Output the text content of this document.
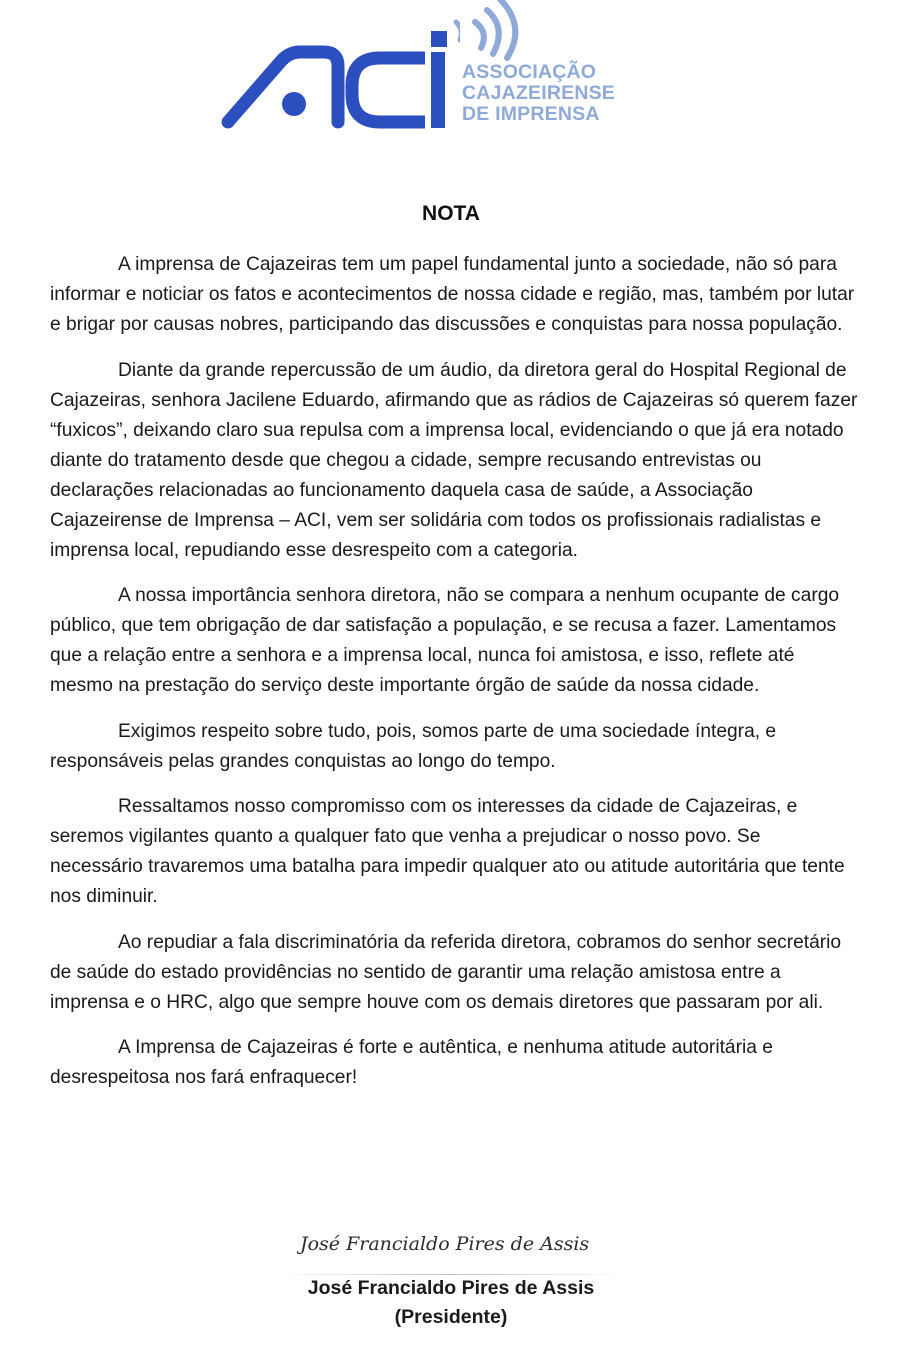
ASSOCIAÇÃO
CAJAZEIRENSE
DE IMPRENSA
NOTA

A imprensa de Cajazeiras tem um papel fundamental junto a sociedade, não só para informar e noticiar os fatos e acontecimentos de nossa cidade e região, mas, também por lutar e brigar por causas nobres, participando das discussões e conquistas para nossa população.

Diante da grande repercussão de um áudio, da diretora geral do Hospital Regional de Cajazeiras, senhora Jacilene Eduardo, afirmando que as rádios de Cajazeiras só querem fazer “fuxicos”, deixando claro sua repulsa com a imprensa local, evidenciando o que já era notado diante do tratamento desde que chegou a cidade, sempre recusando entrevistas ou declarações relacionadas ao funcionamento daquela casa de saúde, a Associação Cajazeirense de Imprensa – ACI, vem ser solidária com todos os profissionais radialistas e imprensa local, repudiando esse desrespeito com a categoria.

A nossa importância senhora diretora, não se compara a nenhum ocupante de cargo público, que tem obrigação de dar satisfação a população, e se recusa a fazer. Lamentamos que a relação entre a senhora e a imprensa local, nunca foi amistosa, e isso, reflete até mesmo na prestação do serviço deste importante órgão de saúde da nossa cidade.

Exigimos respeito sobre tudo, pois, somos parte de uma sociedade íntegra, e responsáveis pelas grandes conquistas ao longo do tempo.

Ressaltamos nosso compromisso com os interesses da cidade de Cajazeiras, e seremos vigilantes quanto a qualquer fato que venha a prejudicar o nosso povo. Se necessário travaremos uma batalha para impedir qualquer ato ou atitude autoritária que tente nos diminuir.

Ao repudiar a fala discriminatória da referida diretora, cobramos do senhor secretário de saúde do estado providências no sentido de garantir uma relação amistosa entre a imprensa e o HRC, algo que sempre houve com os demais diretores que passaram por ali.

A Imprensa de Cajazeiras é forte e autêntica, e nenhuma atitude autoritária e desrespeitosa nos fará enfraquecer!

José Francialdo Pires de Assis
José Francialdo Pires de Assis
(Presidente)
